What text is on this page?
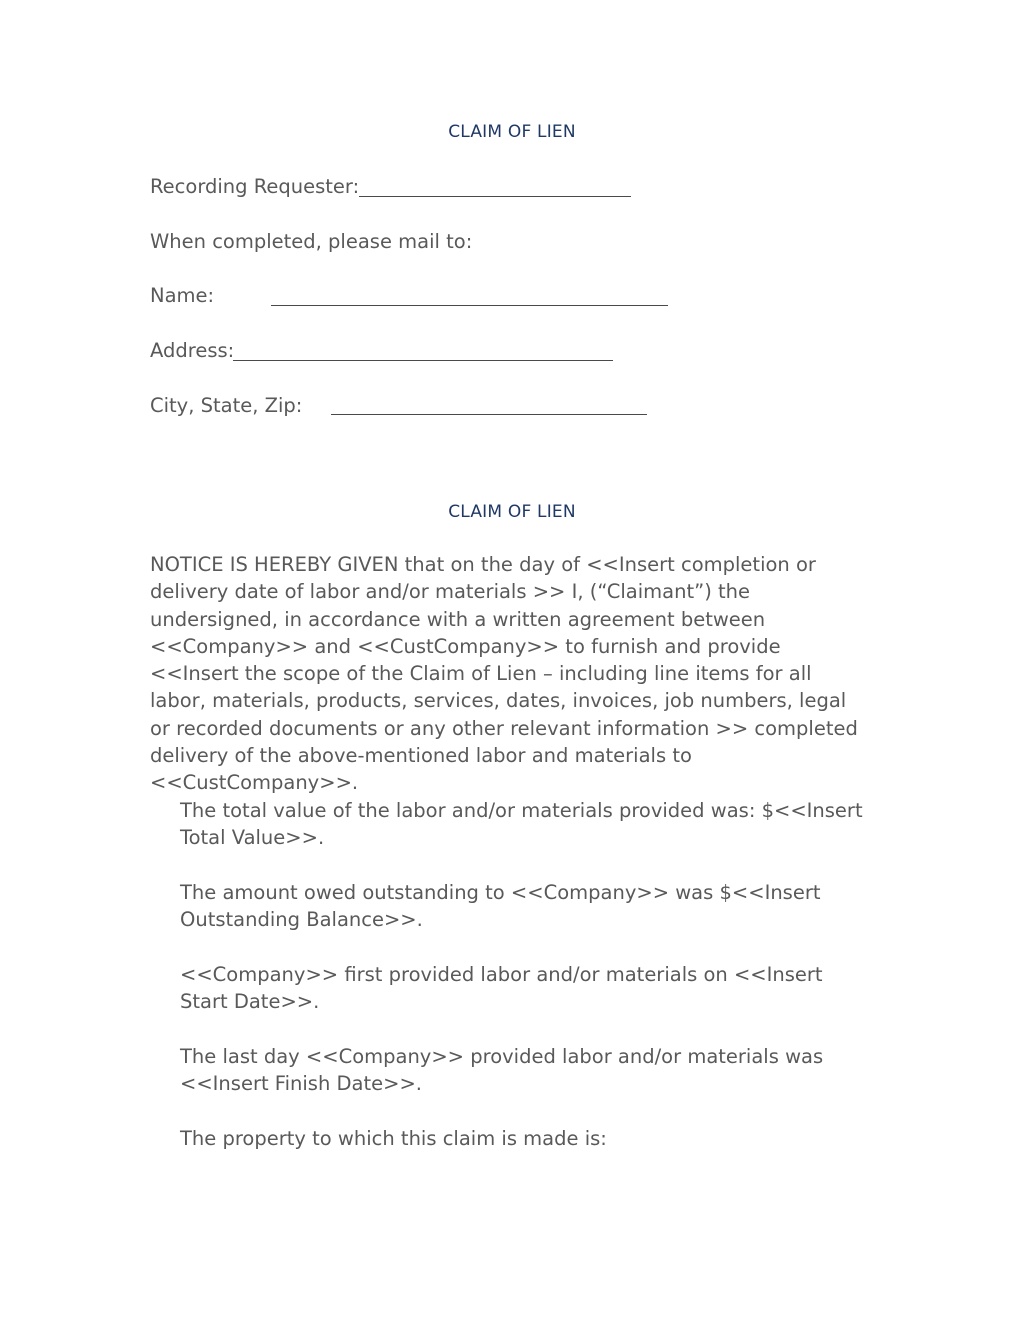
CLAIM OF LIEN
Recording Requester:
When completed, please mail to:
Name:
Address:
City, State, Zip:
CLAIM OF LIEN
NOTICE IS HEREBY GIVEN that on the day of <<Insert completion or delivery date of labor and/or materials >> I, (“Claimant”) the undersigned, in accordance with a written agreement between <<Company>> and <<CustCompany>> to furnish and provide <<Insert the scope of the Claim of Lien – including line items for all labor, materials, products, services, dates, invoices, job numbers, legal or recorded documents or any other relevant information >> completed delivery of the above-mentioned labor and materials to <<CustCompany>>.
The total value of the labor and/or materials provided was: $<<Insert Total Value>>.
The amount owed outstanding to <<Company>> was $<<Insert Outstanding Balance>>.
<<Company>> first provided labor and/or materials on <<Insert Start Date>>.
The last day <<Company>> provided labor and/or materials was <<Insert Finish Date>>.
The property to which this claim is made is:
